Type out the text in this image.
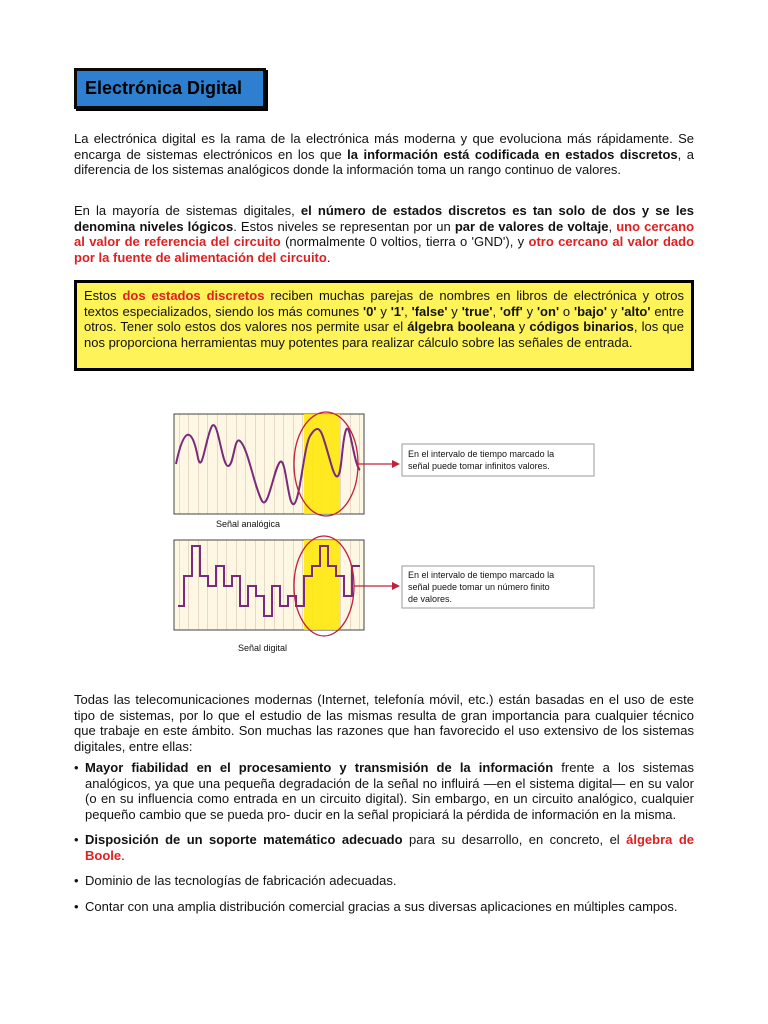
Electrónica Digital
La electrónica digital es la rama de la electrónica más moderna y que evoluciona más rápidamente. Se encarga de sistemas electrónicos en los que la información está codificada en estados discretos, a diferencia de los sistemas analógicos donde la información toma un rango continuo de valores.
En la mayoría de sistemas digitales, el número de estados discretos es tan solo de dos y se les denomina niveles lógicos. Estos niveles se representan por un par de valores de voltaje, uno cercano al valor de referencia del circuito (normalmente 0 voltios, tierra o 'GND'), y otro cercano al valor dado por la fuente de alimentación del circuito.
Estos dos estados discretos reciben muchas parejas de nombres en libros de electrónica y otros textos especializados, siendo los más comunes '0' y '1', 'false' y 'true', 'off' y 'on' o 'bajo' y 'alto' entre otros. Tener solo estos dos valores nos permite usar el álgebra booleana y códigos binarios, los que nos proporciona herramientas muy potentes para realizar cálculo sobre las señales de entrada.
En el intervalo de tiempo marcado la
señal puede tomar infinitos valores.
Señal analógica
En el intervalo de tiempo marcado la
señal puede tomar un número finito
de valores.
Señal digital
Todas las telecomunicaciones modernas (Internet, telefonía móvil, etc.) están basadas en el uso de este tipo de sistemas, por lo que el estudio de las mismas resulta de gran importancia para cualquier técnico que trabaje en este ámbito. Son muchas las razones que han favorecido el uso extensivo de los sistemas digitales, entre ellas:
• Mayor fiabilidad en el procesamiento y transmisión de la información frente a los sistemas analógicos, ya que una pequeña degradación de la señal no influirá —en el sistema digital— en su valor (o en su influencia como entrada en un circuito digital). Sin embargo, en un circuito analógico, cualquier pequeño cambio que se pueda pro- ducir en la señal propiciará la pérdida de información en la misma.
• Disposición de un soporte matemático adecuado para su desarrollo, en concreto, el álgebra de Boole.
• Dominio de las tecnologías de fabricación adecuadas.
• Contar con una amplia distribución comercial gracias a sus diversas aplicaciones en múltiples campos.
